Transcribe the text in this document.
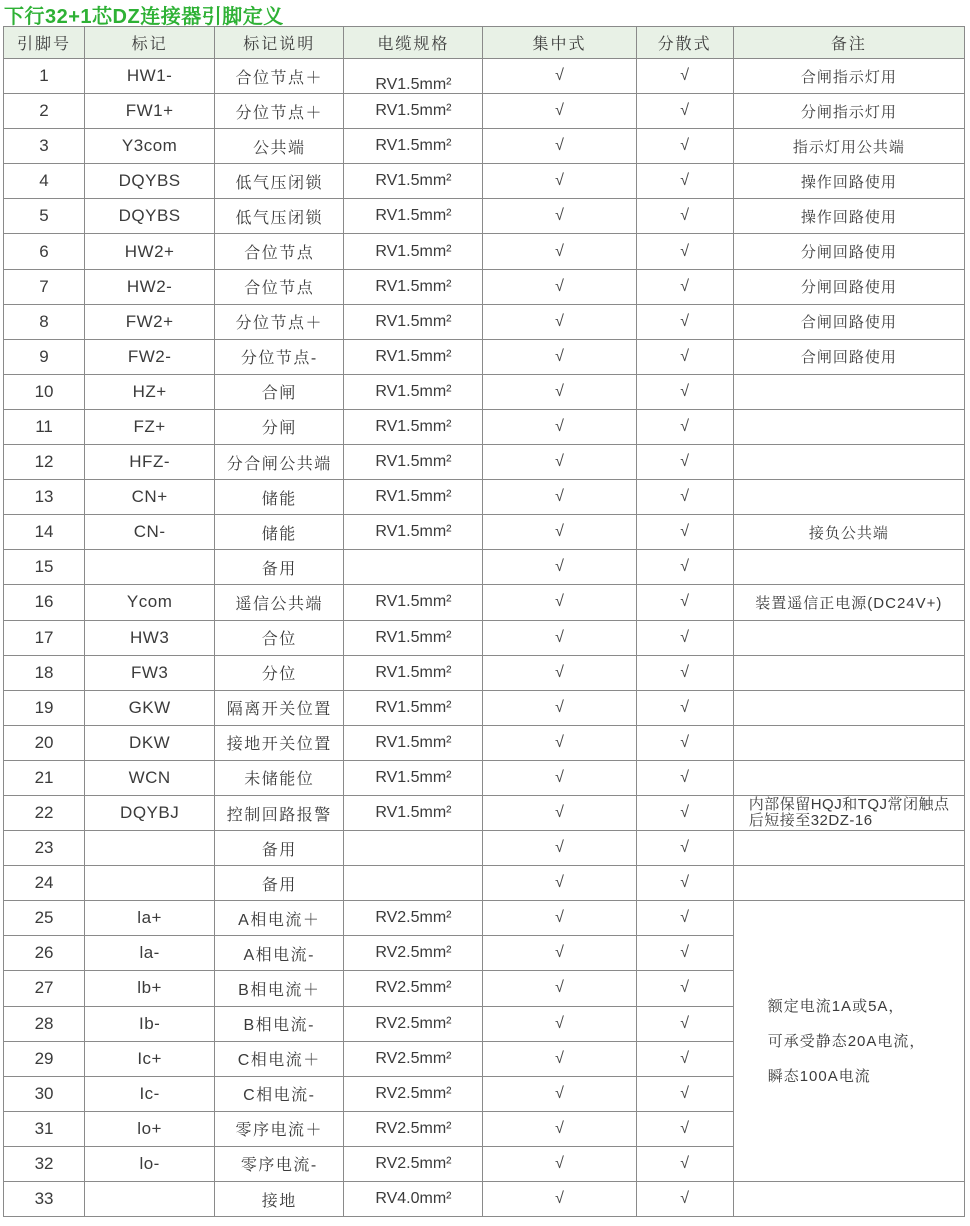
下行32+1芯DZ连接器引脚定义
引脚号	标记	标记说明	电缆规格	集中式	分散式	备注
1	HW1-	合位节点＋	RV1.5mm²	√	√	合闸指示灯用
2	FW1+	分位节点＋	RV1.5mm²	√	√	分闸指示灯用
3	Y3com	公共端	RV1.5mm²	√	√	指示灯用公共端
4	DQYBS	低气压闭锁	RV1.5mm²	√	√	操作回路使用
5	DQYBS	低气压闭锁	RV1.5mm²	√	√	操作回路使用
6	HW2+	合位节点	RV1.5mm²	√	√	分闸回路使用
7	HW2-	合位节点	RV1.5mm²	√	√	分闸回路使用
8	FW2+	分位节点＋	RV1.5mm²	√	√	合闸回路使用
9	FW2-	分位节点-	RV1.5mm²	√	√	合闸回路使用
10	HZ+	合闸	RV1.5mm²	√	√	
11	FZ+	分闸	RV1.5mm²	√	√	
12	HFZ-	分合闸公共端	RV1.5mm²	√	√	
13	CN+	储能	RV1.5mm²	√	√	
14	CN-	储能	RV1.5mm²	√	√	接负公共端
15		备用		√	√	
16	Ycom	遥信公共端	RV1.5mm²	√	√	装置遥信正电源(DC24V+)
17	HW3	合位	RV1.5mm²	√	√	
18	FW3	分位	RV1.5mm²	√	√	
19	GKW	隔离开关位置	RV1.5mm²	√	√	
20	DKW	接地开关位置	RV1.5mm²	√	√	
21	WCN	未储能位	RV1.5mm²	√	√	
22	DQYBJ	控制回路报警	RV1.5mm²	√	√	内部保留HQJ和TQJ常闭触点后短接至32DZ-16
23		备用		√	√	
24		备用		√	√	
25	la+	A相电流＋	RV2.5mm²	√	√	额定电流1A或5A，
可承受静态20A电流，
瞬态100A电流

26	la-	A相电流-	RV2.5mm²	√	√	
27	lb+	B相电流＋	RV2.5mm²	√	√	
28	Ib-	B相电流-	RV2.5mm²	√	√	
29	Ic+	C相电流＋	RV2.5mm²	√	√	
30	Ic-	C相电流-	RV2.5mm²	√	√	
31	lo+	零序电流＋	RV2.5mm²	√	√	
32	lo-	零序电流-	RV2.5mm²	√	√	
33		接地	RV4.0mm²	√	√	
